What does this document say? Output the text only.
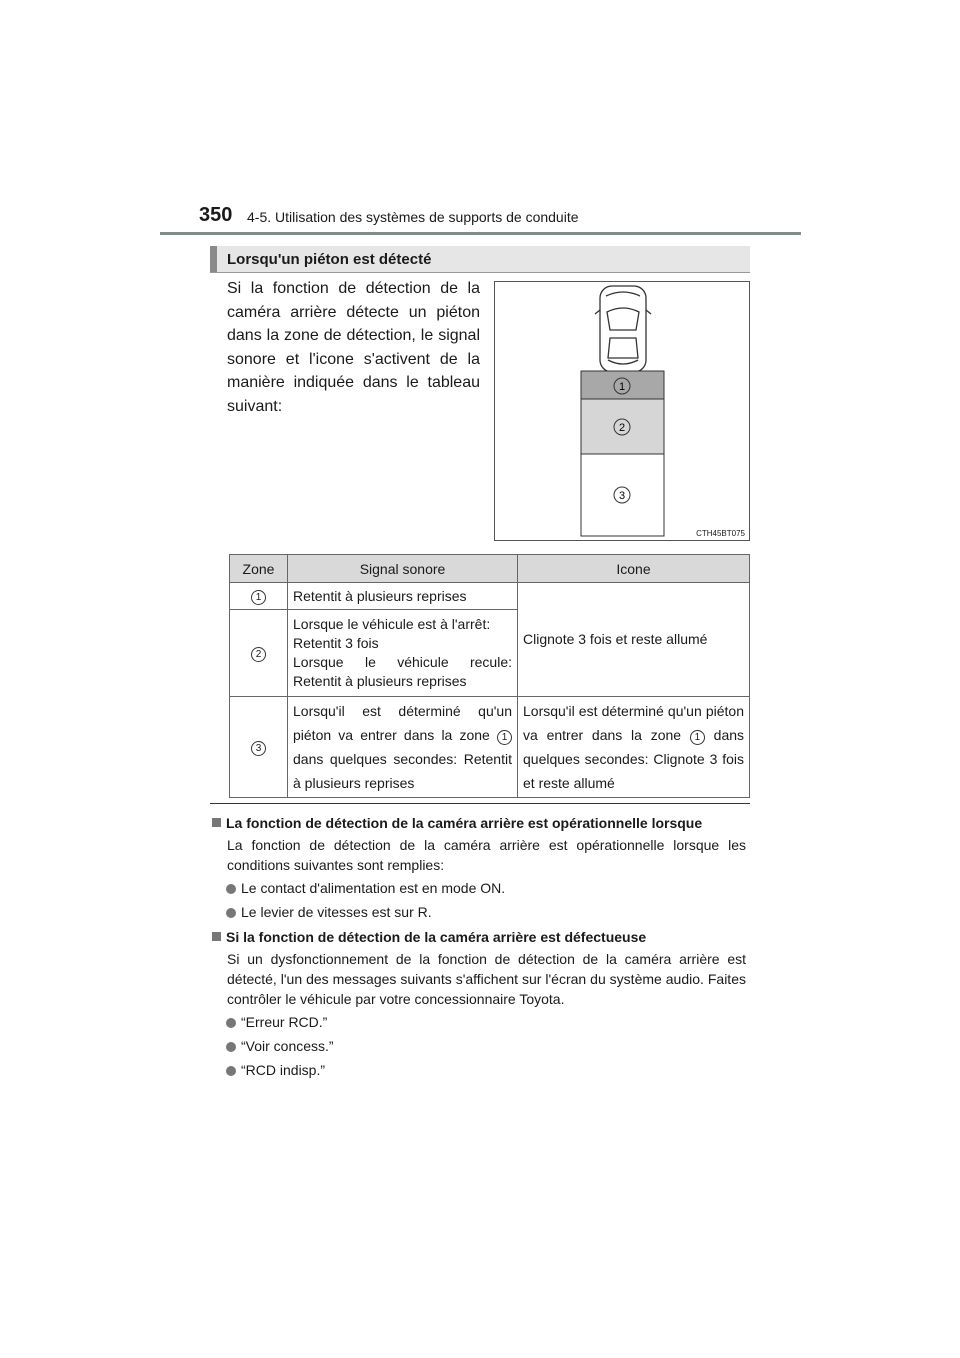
350 4-5. Utilisation des systèmes de supports de conduite
Lorsqu'un piéton est détecté
Si la fonction de détection de la caméra arrière détecte un piéton dans la zone de détection, le signal sonore et l'icone s'activent de la manière indiquée dans le tableau suivant:
1
2
3
CTH45BT075
Zone	Signal sonore	Icone
1	Retentit à plusieurs reprises	Clignote 3 fois et reste allumé
2	Lorsque le véhicule est à l'arrêt:
Retentit 3 fois
Lorsque le véhicule recule:
Retentit à plusieurs reprises	

3	Lorsqu'il est déterminé qu'un piéton va entrer dans la zone 1 dans quelques secondes: Retentit à plusieurs reprises	Lorsqu'il est déterminé qu'un piéton va entrer dans la zone 1 dans quelques secondes: Clignote 3 fois et reste allumé
La fonction de détection de la caméra arrière est opérationnelle lorsque
La fonction de détection de la caméra arrière est opérationnelle lorsque les conditions suivantes sont remplies:
Le contact d'alimentation est en mode ON.
Le levier de vitesses est sur R.
Si la fonction de détection de la caméra arrière est défectueuse
Si un dysfonctionnement de la fonction de détection de la caméra arrière est détecté, l'un des messages suivants s'affichent sur l'écran du système audio. Faites contrôler le véhicule par votre concessionnaire Toyota.
“Erreur RCD.”
“Voir concess.”
“RCD indisp.”
